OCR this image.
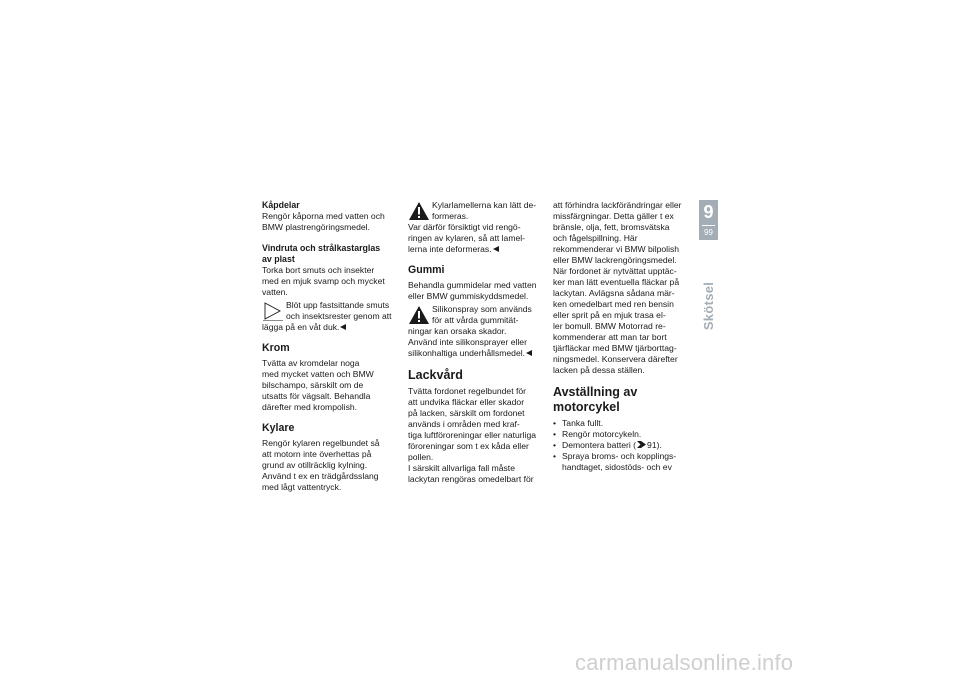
Kåpdelar
Rengör kåporna med vatten och
BMW plastrengöringsmedel.
Vindruta och strålkastarglas
av plast
Torka bort smuts och insekter
med en mjuk svamp och mycket
vatten.
Blöt upp fastsittande smuts
och insektsrester genom att
lägga på en våt duk.
Krom
Tvätta av kromdelar noga
med mycket vatten och BMW
bilschampo, särskilt om de
utsatts för vägsalt. Behandla
därefter med krompolish.
Kylare
Rengör kylaren regelbundet så
att motorn inte överhettas på
grund av otillräcklig kylning.
Använd t ex en trädgårdsslang
med lågt vattentryck.
Kylarlamellerna kan lätt de-
formeras.
Var därför försiktigt vid rengö-
ringen av kylaren, så att lamel-
lerna inte deformeras.
Gummi
Behandla gummidelar med vatten
eller BMW gummiskyddsmedel.
Silikonspray som används
för att vårda gummität-
ningar kan orsaka skador.
Använd inte silikonsprayer eller
silikonhaltiga underhållsmedel.
Lackvård
Tvätta fordonet regelbundet för
att undvika fläckar eller skador
på lacken, särskilt om fordonet
används i områden med kraf-
tiga luftföroreningar eller naturliga
föroreningar som t ex kåda eller
pollen.
I särskilt allvarliga fall måste
lackytan rengöras omedelbart för
att förhindra lackförändringar eller
missfärgningar. Detta gäller t ex
bränsle, olja, fett, bromsvätska
och fågelspillning. Här
rekommenderar vi BMW bilpolish
eller BMW lackrengöringsmedel.
När fordonet är nytvättat upptäc-
ker man lätt eventuella fläckar på
lackytan. Avlägsna sådana mär-
ken omedelbart med ren bensin
eller sprit på en mjuk trasa el-
ler bomull. BMW Motorrad re-
kommenderar att man tar bort
tjärfläckar med BMW tjärborttag-
ningsmedel. Konservera därefter
lacken på dessa ställen.
Avställning av
motorcykel
• Tanka fullt.
• Rengör motorcykeln.
• Demontera batteri ( 91).
• Spraya broms- och kopplings-
handtaget, sidostöds- och ev
9
99
Skötsel
carmanualsonline.info
